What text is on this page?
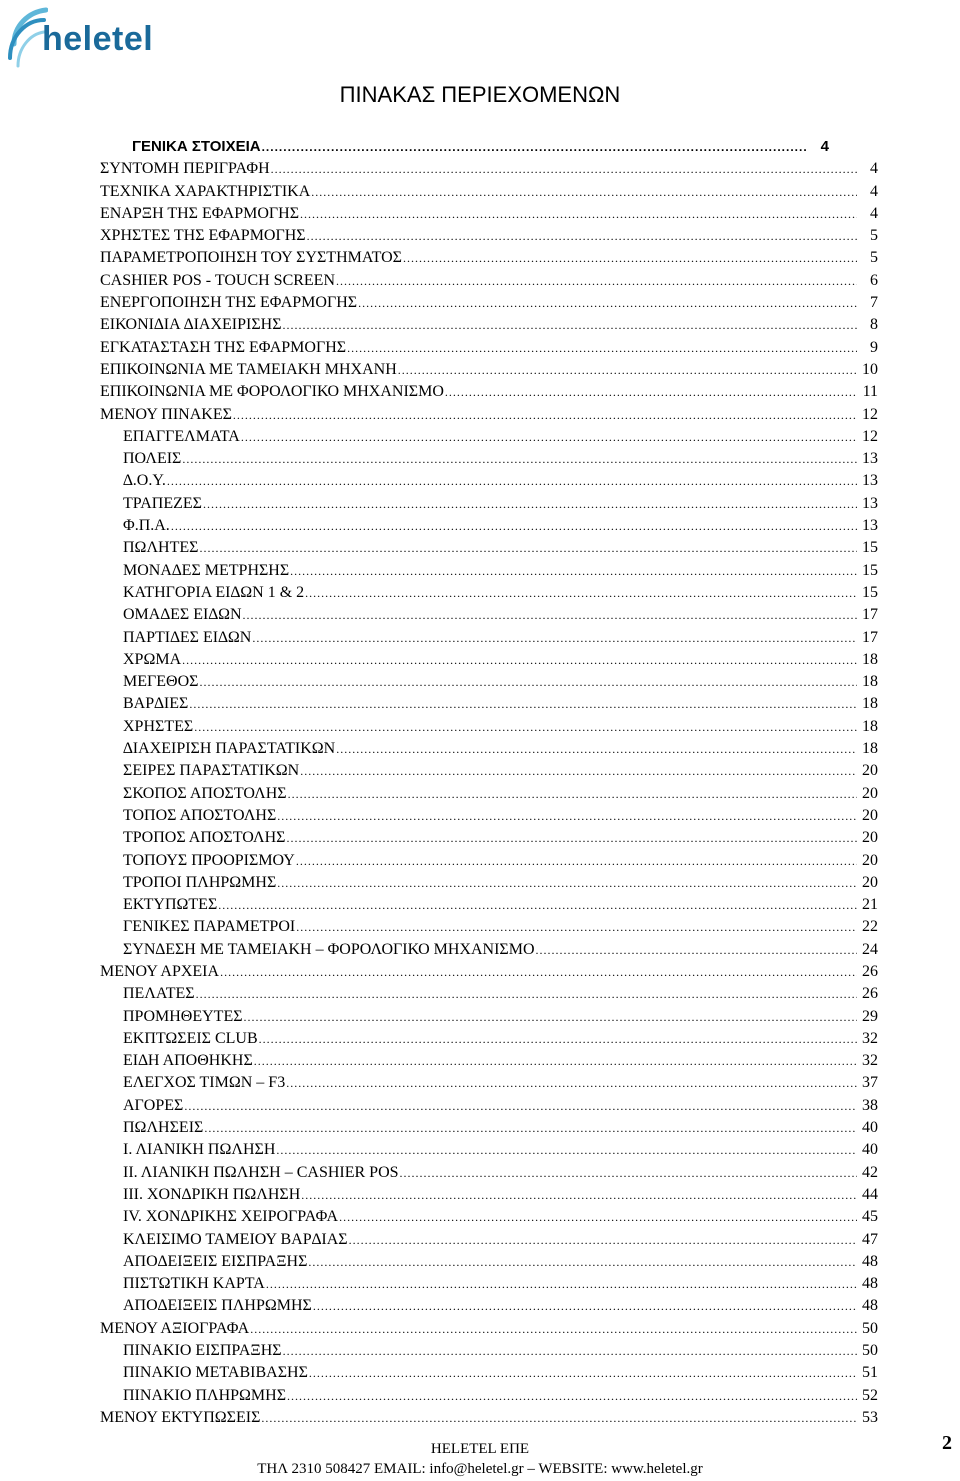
heletel
ΠΙΝΑΚΑΣ ΠΕΡΙΕΧΟΜΕΝΩΝ
ΓΕΝΙΚΑ ΣΤΟΙΧΕΙΑ .....	4
ΣΥΝΤΟΜΗ ΠΕΡΙΓΡΑΦΗ .....	4
ΤΕΧΝΙΚΑ ΧΑΡΑΚΤΗΡΙΣΤΙΚΑ .....	4
ΕΝΑΡΞΗ ΤΗΣ ΕΦΑΡΜΟΓΗΣ .....	4
ΧΡΗΣΤΕΣ ΤΗΣ ΕΦΑΡΜΟΓΗΣ .....	5
ΠΑΡΑΜΕΤΡΟΠΟΙΗΣΗ ΤΟΥ ΣΥΣΤΗΜΑΤΟΣ .....	5
CASHIER POS - TOUCH SCREEN .....	6
ΕΝΕΡΓΟΠΟΙΗΣΗ ΤΗΣ ΕΦΑΡΜΟΓΗΣ .....	7
ΕΙΚΟΝΙ∆ΙΑ ∆ΙΑΧΕΙΡΙΣΗΣ .....	8
ΕΓΚΑΤΑΣΤΑΣΗ ΤΗΣ ΕΦΑΡΜΟΓΗΣ .....	9
ΕΠΙΚΟΙΝΩΝΙΑ ΜΕ ΤΑΜΕΙΑΚΗ ΜΗΧΑΝΗ .....	10
ΕΠΙΚΟΙΝΩΝΙΑ ΜΕ ΦΟΡΟΛΟΓΙΚΟ ΜΗΧΑΝΙΣΜΟ .....	11
ΜΕΝΟΥ ΠΙΝΑΚΕΣ .....	12
ΕΠΑΓΓΕΛΜΑΤΑ .....	12
ΠΟΛΕΙΣ .....	13
∆.Ο.Υ. .....	13
ΤΡΑΠΕΖΕΣ .....	13
Φ.Π.Α. .....	13
ΠΩΛΗΤΕΣ .....	15
ΜΟΝΑ∆ΕΣ ΜΕΤΡΗΣΗΣ .....	15
ΚΑΤΗΓΟΡΙΑ ΕΙ∆ΩΝ 1 & 2 .....	15
ΟΜΑ∆ΕΣ ΕΙ∆ΩΝ .....	17
ΠΑΡΤΙ∆ΕΣ ΕΙ∆ΩΝ .....	17
ΧΡΩΜΑ .....	18
ΜΕΓΕΘΟΣ .....	18
ΒΑΡ∆ΙΕΣ .....	18
ΧΡΗΣΤΕΣ .....	18
∆ΙΑΧΕΙΡΙΣΗ ΠΑΡΑΣΤΑΤΙΚΩΝ .....	18
ΣΕΙΡΕΣ ΠΑΡΑΣΤΑΤΙΚΩΝ .....	20
ΣΚΟΠΟΣ ΑΠΟΣΤΟΛΗΣ .....	20
ΤΟΠΟΣ ΑΠΟΣΤΟΛΗΣ .....	20
ΤΡΟΠΟΣ ΑΠΟΣΤΟΛΗΣ .....	20
ΤΟΠΟΥΣ ΠΡΟΟΡΙΣΜΟΥ .....	20
ΤΡΟΠΟΙ ΠΛΗΡΩΜΗΣ .....	20
ΕΚΤΥΠΩΤΕΣ .....	21
ΓΕΝΙΚΕΣ ΠΑΡΑΜΕΤΡΟΙ .....	22
ΣΥΝ∆ΕΣΗ ΜΕ ΤΑΜΕΙΑΚΗ – ΦΟΡΟΛΟΓΙΚΟ ΜΗΧΑΝΙΣΜΟ .....	24
ΜΕΝΟΥ ΑΡΧΕΙΑ .....	26
ΠΕΛΑΤΕΣ .....	26
ΠΡΟΜΗΘΕΥΤΕΣ .....	29
ΕΚΠΤΩΣΕΙΣ CLUB .....	32
ΕΙ∆Η ΑΠΟΘΗΚΗΣ .....	32
ΕΛΕΓΧΟΣ ΤΙΜΩΝ – F3 .....	37
ΑΓΟΡΕΣ .....	38
ΠΩΛΗΣΕΙΣ .....	40
Ι. ΛΙΑΝΙΚΗ ΠΩΛΗΣΗ .....	40
ΙΙ. ΛΙΑΝΙΚΗ ΠΩΛΗΣΗ – CASHIER POS .....	42
ΙΙΙ. ΧΟΝ∆ΡΙΚΗ ΠΩΛΗΣΗ .....	44
IV. ΧΟΝ∆ΡΙΚΗΣ ΧΕΙΡΟΓΡΑΦΑ .....	45
ΚΛΕΙΣΙΜΟ ΤΑΜΕΙΟΥ ΒΑΡ∆ΙΑΣ .....	47
ΑΠΟ∆ΕΙΞΕΙΣ ΕΙΣΠΡΑΞΗΣ .....	48
ΠΙΣΤΩΤΙΚΗ ΚΑΡΤΑ .....	48
ΑΠΟ∆ΕΙΞΕΙΣ ΠΛΗΡΩΜΗΣ .....	48
ΜΕΝΟΥ ΑΞΙΟΓΡΑΦΑ .....	50
ΠΙΝΑΚΙΟ ΕΙΣΠΡΑΞΗΣ .....	50
ΠΙΝΑΚΙΟ ΜΕΤΑΒΙΒΑΣΗΣ .....	51
ΠΙΝΑΚΙΟ ΠΛΗΡΩΜΗΣ .....	52
ΜΕΝΟΥ ΕΚΤΥΠΩΣΕΙΣ .....	53
HELETEL ΕΠΕ
ΤΗΛ 2310 508427 EMAIL: info@heletel.gr – WEBSITE: www.heletel.gr
2
